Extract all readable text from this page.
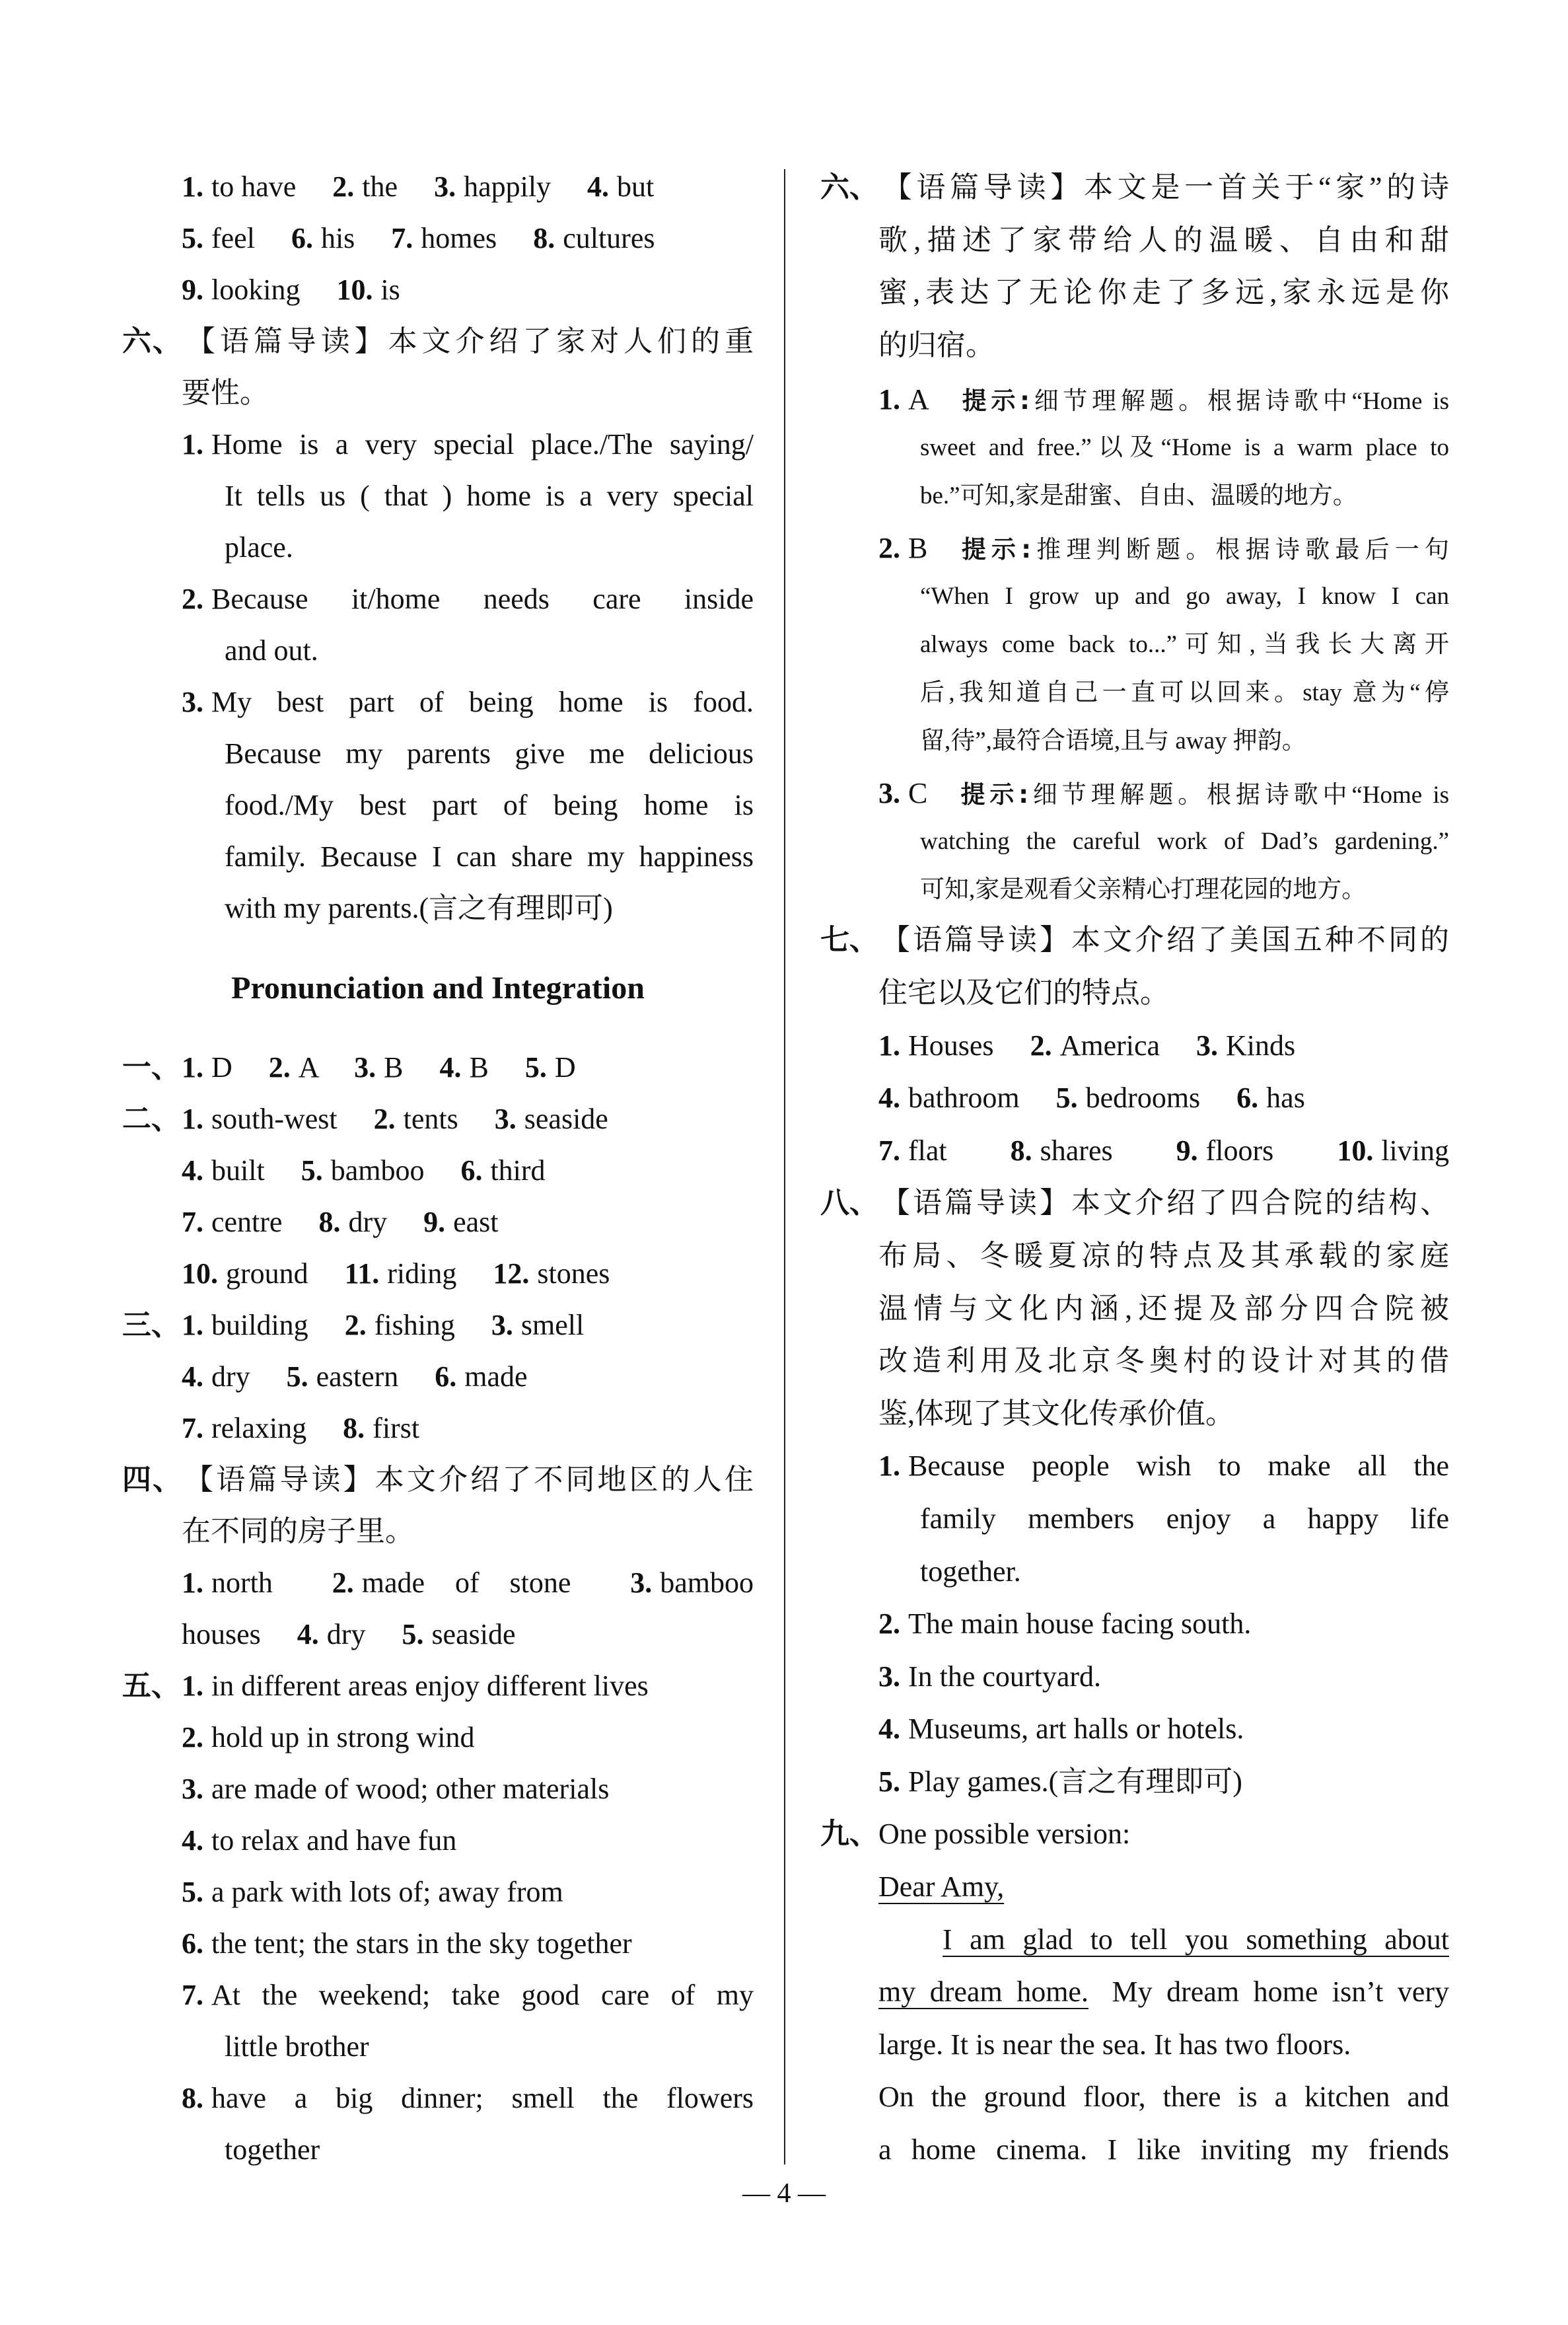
1. to have 2. the 3. happily 4. but
5. feel 6. his 7. homes 8. cultures
9. looking 10. is
六、【语篇导读】本文介绍了家对人们的重
要性。
1. Home is a very special place./The saying/
It tells us ( that ) home is a very special
place.
2. Because it/home needs care inside
and out.
3. My best part of being home is food.
Because my parents give me delicious
food./My best part of being home is
family. Because I can share my happiness
with my parents.(言之有理即可)
Pronunciation and Integration
一、1. D 2. A 3. B 4. B 5. D
二、1. south-west 2. tents 3. seaside
4. built 5. bamboo 6. third
7. centre 8. dry 9. east
10. ground 11. riding 12. stones
三、1. building 2. fishing 3. smell
4. dry 5. eastern 6. made
7. relaxing 8. first
四、【语篇导读】本文介绍了不同地区的人住
在不同的房子里。
1. north 2. made of stone 3. bamboo
houses 4. dry 5. seaside
五、1. in different areas enjoy different lives
2. hold up in strong wind
3. are made of wood; other materials
4. to relax and have fun
5. a park with lots of; away from
6. the tent; the stars in the sky together
7. At the weekend; take good care of my
little brother
8. have a big dinner; smell the flowers
together
六、【语篇导读】本文是一首关于“家”的诗
歌,描述了家带给人的温暖、自由和甜
蜜,表达了无论你走了多远,家永远是你
的归宿。
1. A 提示:细节理解题。根据诗歌中“Home is
sweet and free.”以及“Home is a warm place to
be.”可知,家是甜蜜、自由、温暖的地方。
2. B 提示:推理判断题。根据诗歌最后一句
“When I grow up and go away, I know I can
always come back to...”可知,当我长大离开
后,我知道自己一直可以回来。stay 意为“停
留,待”,最符合语境,且与 away 押韵。
3. C 提示:细节理解题。根据诗歌中“Home is
watching the careful work of Dad’s gardening.”
可知,家是观看父亲精心打理花园的地方。
七、【语篇导读】本文介绍了美国五种不同的
住宅以及它们的特点。
1. Houses 2. America 3. Kinds
4. bathroom 5. bedrooms 6. has
7. flat 8. shares 9. floors 10. living
八、【语篇导读】本文介绍了四合院的结构、
布局、冬暖夏凉的特点及其承载的家庭
温情与文化内涵,还提及部分四合院被
改造利用及北京冬奥村的设计对其的借
鉴,体现了其文化传承价值。
1. Because people wish to make all the
family members enjoy a happy life
together.
2. The main house facing south.
3. In the courtyard.
4. Museums, art halls or hotels.
5. Play games.(言之有理即可)
九、One possible version:
Dear Amy,
I am glad to tell you something about
my dream home. My dream home isn’t very
large. It is near the sea. It has two floors.
On the ground floor, there is a kitchen and
a home cinema. I like inviting my friends
— 4 —
